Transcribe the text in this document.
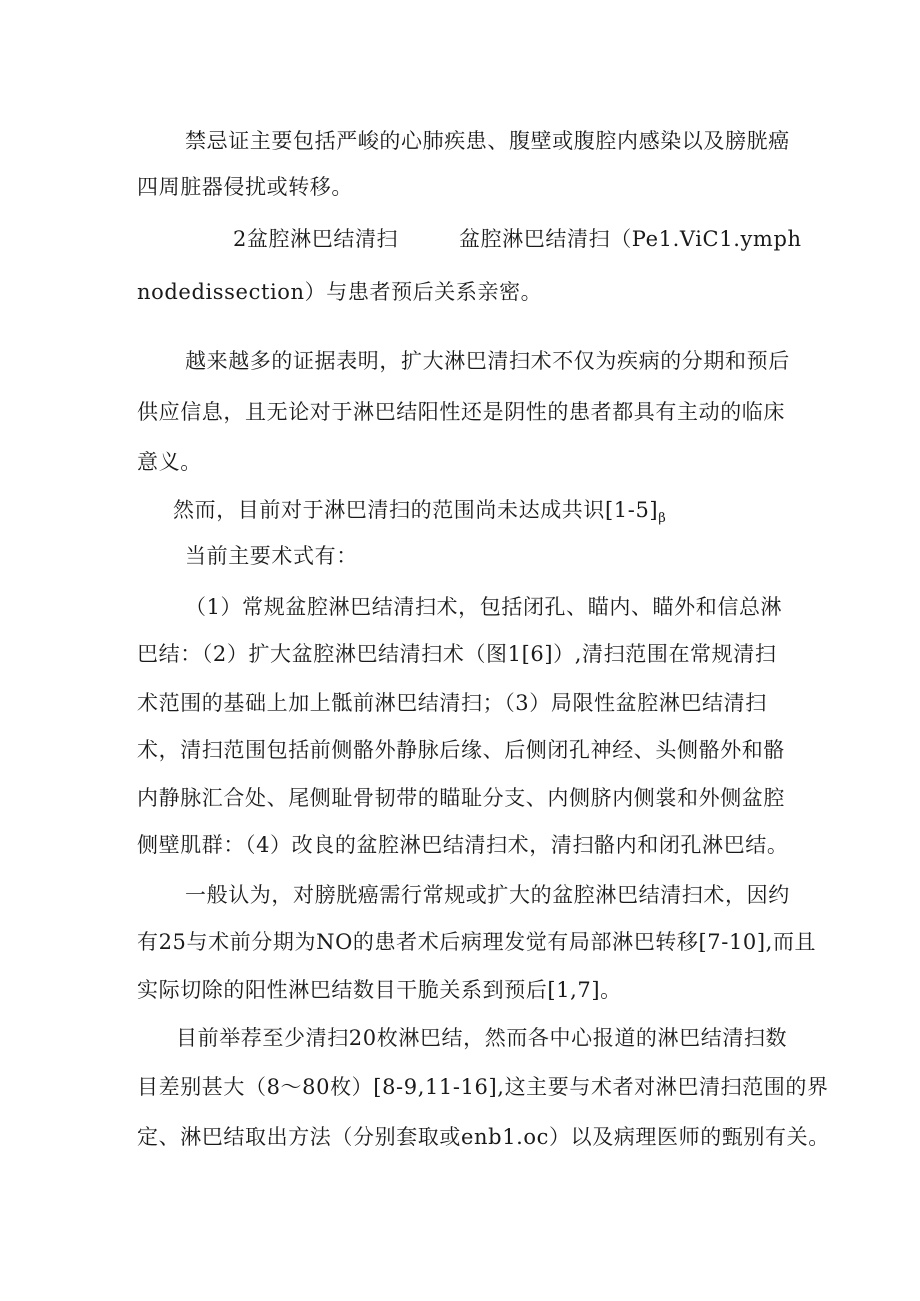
禁忌证主要包括严峻的心肺疾患、腹壁或腹腔内感染以及膀胱癌
四周脏器侵扰或转移。
2盆腔淋巴结清扫	盆腔淋巴结清扫（Pe1.ViC1.ymph
nodedissection）与患者预后关系亲密。
越来越多的证据表明，扩大淋巴清扫术不仅为疾病的分期和预后
供应信息，且无论对于淋巴结阳性还是阴性的患者都具有主动的临床
意义。
然而，目前对于淋巴清扫的范围尚未达成共识$[1-5]_\beta$
当前主要术式有：
（1）常规盆腔淋巴结清扫术，包括闭孔、瞄内、瞄外和信总淋
巴结：（2）扩大盆腔淋巴结清扫术（图1[6]）,清扫范围在常规清扫
术范围的基础上加上骶前淋巴结清扫；（3）局限性盆腔淋巴结清扫
术，清扫范围包括前侧骼外静脉后缘、后侧闭孔神经、头侧骼外和骼
内静脉汇合处、尾侧耻骨韧带的瞄耻分支、内侧脐内侧裳和外侧盆腔
侧壁肌群：（4）改良的盆腔淋巴结清扫术，清扫骼内和闭孔淋巴结。
一般认为，对膀胱癌需行常规或扩大的盆腔淋巴结清扫术，因约
有25与术前分期为NO的患者术后病理发觉有局部淋巴转移[7-10],而且
实际切除的阳性淋巴结数目干脆关系到预后[1,7]。
目前举荐至少清扫20枚淋巴结，然而各中心报道的淋巴结清扫数
目差别甚大（8～80枚）[8-9,11-16],这主要与术者对淋巴清扫范围的界
定、淋巴结取出方法（分别套取或enb1.oc）以及病理医师的甄别有关。
